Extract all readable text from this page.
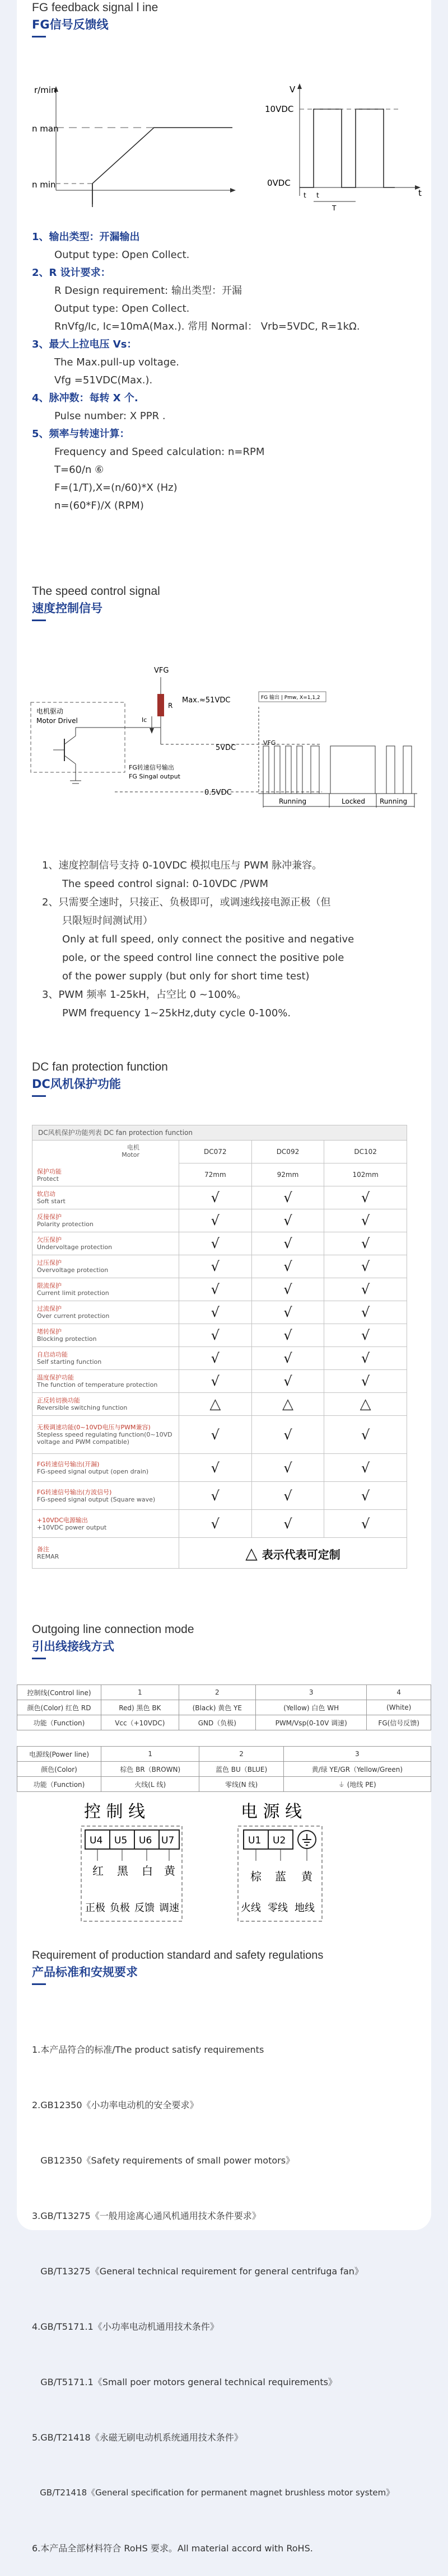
FG feedback signal l ine
FG信号反馈线
r/min
n man
n min
V
10VDC
0VDC
t
t t
T
1、输出类型：开漏输出
Output type: Open Collect.
2、R 设计要求：
R Design requirement: 输出类型：开漏
Output type: Open Collect.
RnVfg/Ic, Ic=10mA(Max.). 常用 Normal： Vrb=5VDC, R=1kΩ.
3、最大上拉电压 Vs：
The Max.pull-up voltage.
Vfg =51VDC(Max.).
4、脉冲数：每转 X 个.
Pulse number: X PPR .
5、频率与转速计算：
Frequency and Speed calculation: n=RPM
T=60/n ⑥
F=(1/T),X=(n/60)*X (Hz)
n=(60*F)/X (RPM)
The speed control signal
速度控制信号
VFG
R
Ic
Max.≈51VDC
电机驱动
Motor Drivel
FG转速信号输出
FG Singal output
5VDC
0.5VDC
FG 输出 | Pmw, X=1,1,2
VFG
Running	Locked Running
1、速度控制信号支持 0-10VDC 模拟电压与 PWM 脉冲兼容。
The speed control signal: 0-10VDC /PWM
2、只需要全速时，只接正、负极即可，或调速线接电源正极（但
只限短时间测试用）
Only at full speed, only connect the positive and negative
pole, or the speed control line connect the positive pole
of the power supply (but only for short time test)
3、PWM 频率 1-25kH，占空比 0 ~100%。
PWM frequency 1~25kHz,duty cycle 0-100%.
DC fan protection function
DC风机保护功能
DC风机保护功能列表 DC fan protection function
电机
Motor
保护功能
Protect	DC072	DC092	DC102
	72mm	92mm	102mm

软启动
Soft start	√	√	√

反接保护
Polarity protection	√	√	√

欠压保护
Undervoltage protection	√	√	√

过压保护
Overvoltage protection	√	√	√

限流保护
Current limit protection	√	√	√

过流保护
Over current protection	√	√	√

堵转保护
Blocking protection	√	√	√

自启动功能
Self starting function	√	√	√

温度保护功能
The function of temperature protection	√	√	√

正反转切换功能
Reversible switching function	△	△	△

无极调速功能(0~10VD电压与PWM兼容)
Stepless speed regulating function(0~10VD voltage and PWM compatible)	√	√	√

FG转速信号输出(开漏)
FG-speed signal output (open drain)	√	√	√

FG转速信号输出(方波信号)
FG-speed signal output (Square wave)	√	√	√

+10VDC电源输出
+10VDC power output	√	√	√

备注
REMAR	△ 表示代表可定制		
Outgoing line connection mode
引出线接线方式
控制线(Control line)	1	2	3	4
颜色(Color) 红色 RD	Red) 黑色 BK	(Black) 黄色 YE	(Yellow) 白色 WH	(White)
功能（Function)	Vcc（+10VDC)	GND（负极)	PWM/Vsp(0-10V 调速)	FG(信号反馈)
电源线(Power line)	1	2	3
颜色(Color)	棕色 BR（BROWN)	蓝色 BU（BLUE)	黄/绿 YE/GR（Yellow/Green)
功能（Function)	火线(L 线)	零线(N 线)	⏚ (地线 PE)
控 制 线
U4 U5 U6 U7
红 黑 白 黄
正极 负极 反馈 调速
电 源 线
U1 U2
棕 蓝 黄
火线 零线 地线
Requirement of production standard and safety regulations
产品标准和安规要求

1.本产品符合的标准/The product satisfy requirements

2.GB12350《小功率电动机的安全要求》

GB12350《Safety requirements of small power motors》

3.GB/T13275《一般用途离心通风机通用技术条件要求》

GB/T13275《General technical requirement for general centrifuga fan》

4.GB/T5171.1《小功率电动机通用技术条件》

GB/T5171.1《Small poer motors general technical requirements》

5.GB/T21418《永磁无刷电动机系统通用技术条件》

GB/T21418《General specification for permanent magnet brushless motor system》

6.本产品全部材料符合 RoHS 要求。All material accord with RoHS.
